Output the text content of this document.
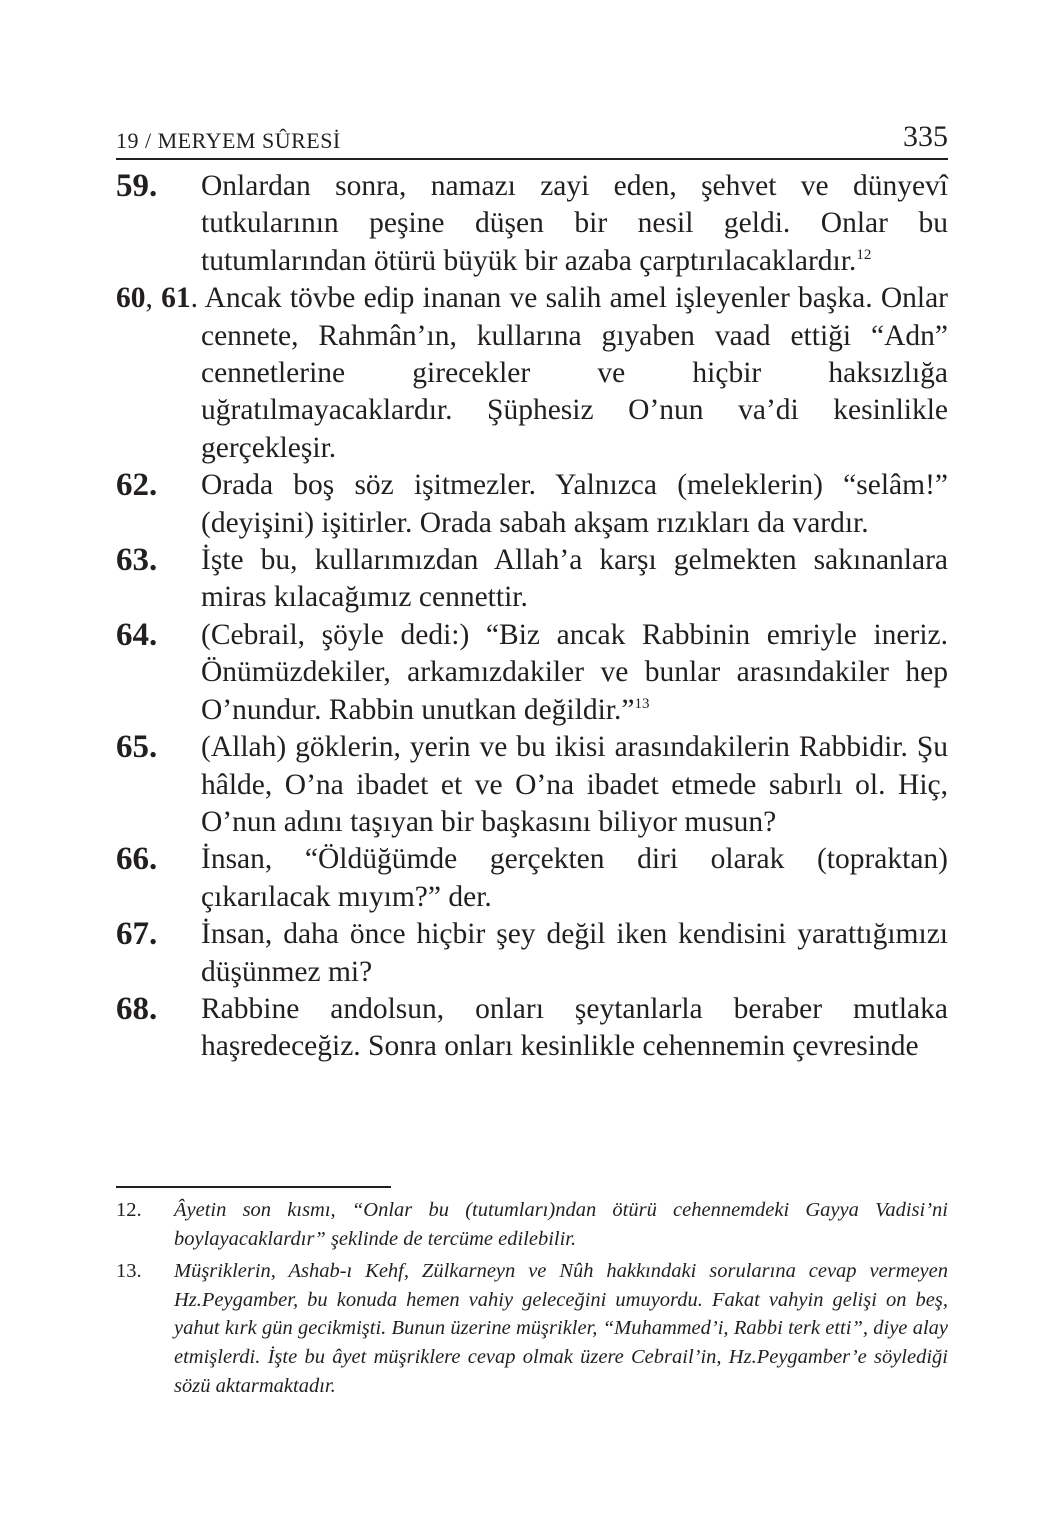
19 / MERYEM SÛRESİ	335

59. Onlardan sonra, namazı zayi eden, şehvet ve dünyevî tutkularının peşine düşen bir nesil geldi. Onlar bu tutumlarından ötürü büyük bir azaba çarptırılacaklardır.$^{12}$

60, 61. Ancak tövbe edip inanan ve salih amel işleyenler başka. Onlar cennete, Rahmân’ın, kullarına gıyaben vaad ettiği “Adn” cennetlerine girecekler ve hiçbir haksızlığa uğratılmayacaklardır. Şüphesiz O’nun va’di kesinlikle gerçekleşir.

62. Orada boş söz işitmezler. Yalnızca (meleklerin) “selâm!” (deyişini) işitirler. Orada sabah akşam rızıkları da vardır.

63. İşte bu, kullarımızdan Allah’a karşı gelmekten sakınanlara miras kılacağımız cennettir.

64. (Cebrail, şöyle dedi:) “Biz ancak Rabbinin emriyle ineriz. Önümüzdekiler, arkamızdakiler ve bunlar arasındakiler hep O’nundur. Rabbin unutkan değildir.”$^{13}$

65. (Allah) göklerin, yerin ve bu ikisi arasındakilerin Rabbidir. Şu hâlde, O’na ibadet et ve O’na ibadet etmede sabırlı ol. Hiç, O’nun adını taşıyan bir başkasını biliyor musun?

66. İnsan, “Öldüğümde gerçekten diri olarak (topraktan) çıkarılacak mıyım?” der.

67. İnsan, daha önce hiçbir şey değil iken kendisini yarattığımızı düşünmez mi?

68. Rabbine andolsun, onları şeytanlarla beraber mutlaka haşredeceğiz. Sonra onları kesinlikle cehennemin çevresinde

12. Âyetin son kısmı, “Onlar bu (tutumları)ndan ötürü cehennemdeki Gayya Vadisi’ni boylayacaklardır” şeklinde de tercüme edilebilir.

13. Müşriklerin, Ashab-ı Kehf, Zülkarneyn ve Nûh hakkındaki sorularına cevap vermeyen Hz.Peygamber, bu konuda hemen vahiy geleceğini umuyordu. Fakat vahyin gelişi on beş, yahut kırk gün gecikmişti. Bunun üzerine müşrikler, “Muhammed’i, Rabbi terk etti”, diye alay etmişlerdi. İşte bu âyet müşriklere cevap olmak üzere Cebrail’in, Hz.Peygamber’e söylediği sözü aktarmaktadır.
